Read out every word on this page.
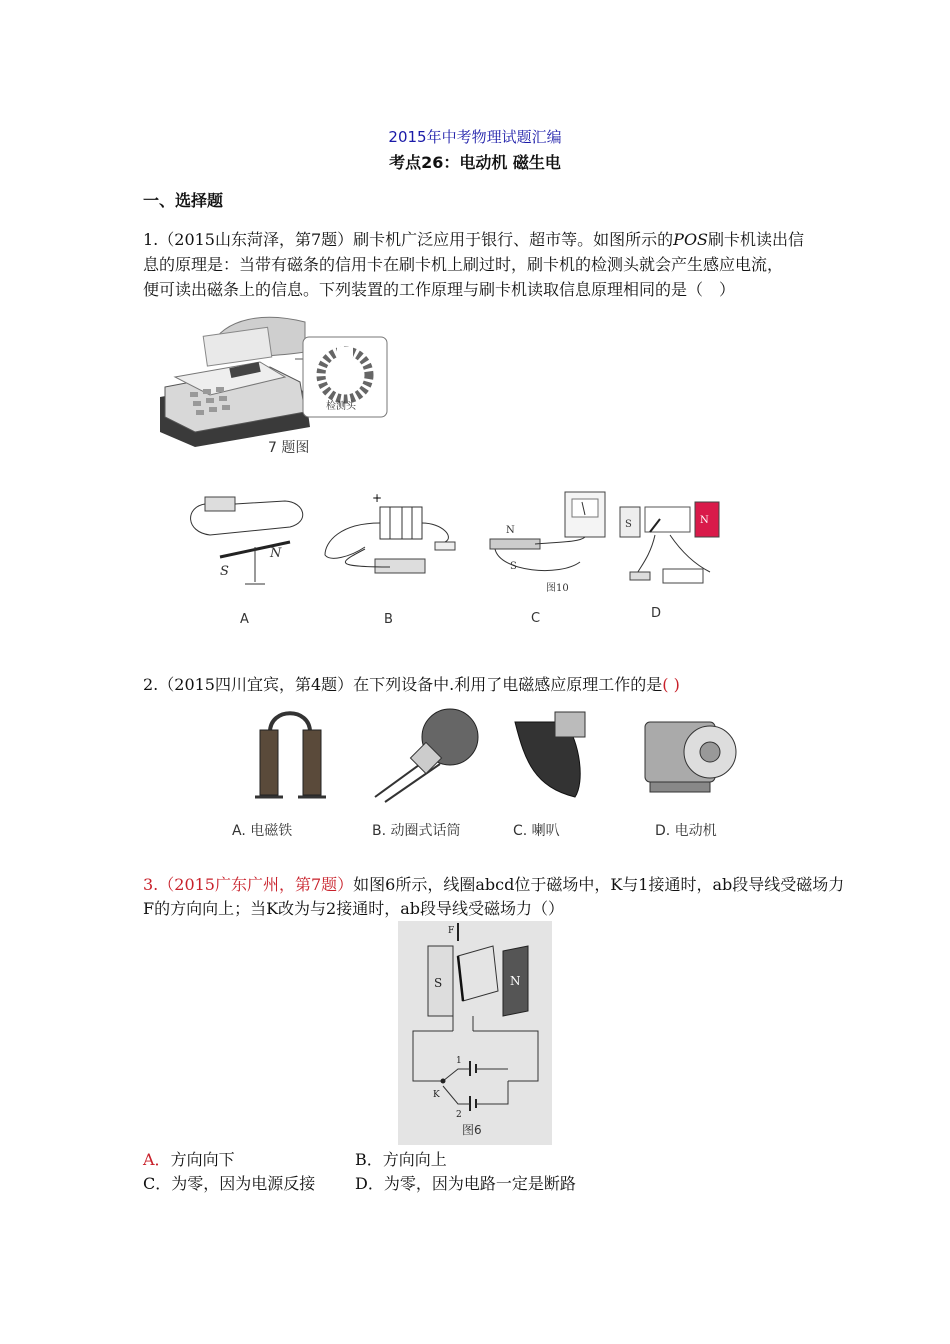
2015年中考物理试题汇编
考点26：电动机 磁生电
一、选择题
1.（2015山东菏泽，第7题）刷卡机广泛应用于银行、超市等。如图所示的POS刷卡机读出信
息的原理是：当带有磁条的信用卡在刷卡机上刷过时，刷卡机的检测头就会产生感应电流，
便可读出磁条上的信息。下列装置的工作原理与刷卡机读取信息原理相同的是（　）
检测头
7 题图
S
N
+
N
S
图10
S	N
A	B	C	D
2.（2015四川宜宾，第4题）在下列设备中.利用了电磁感应原理工作的是( )
A. 电磁铁	B. 动圈式话筒	C. 喇叭	D. 电动机
3.（2015广东广州，第7题）如图6所示，线圈abcd位于磁场中，K与1接通时，ab段导线受磁场力
F的方向向上；当K改为与2接通时，ab段导线受磁场力（）
F
S	N
K
1
2
图6
A．方向向下	B．方向向上
C．为零，因为电源反接 D．为零，因为电路一定是断路
